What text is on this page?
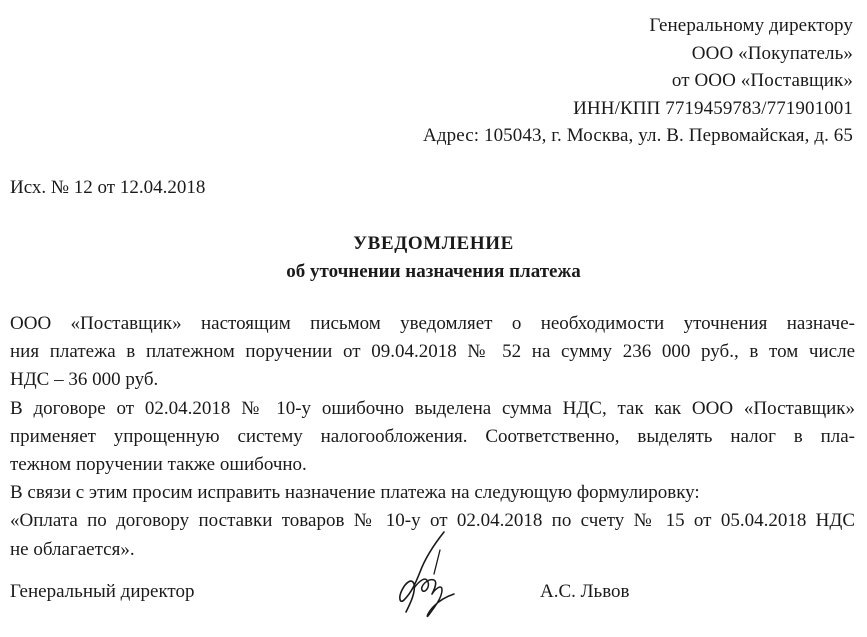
Генеральному директору
ООО «Покупатель»
от ООО «Поставщик»
ИНН/КПП 7719459783/771901001
Адрес: 105043, г. Москва, ул. В. Первомайская, д. 65
Исх. № 12 от 12.04.2018
УВЕДОМЛЕНИЕ
об уточнении назначения платежа
ООО «Поставщик» настоящим письмом уведомляет о необходимости уточнения назначе-
ния платежа в платежном поручении от 09.04.2018 № 52 на сумму 236 000 руб., в том числе
НДС – 36 000 руб.
В договоре от 02.04.2018 № 10-у ошибочно выделена сумма НДС, так как ООО «Поставщик»
применяет упрощенную систему налогообложения. Соответственно, выделять налог в пла-
тежном поручении также ошибочно.
В связи с этим просим исправить назначение платежа на следующую формулировку:
«Оплата по договору поставки товаров № 10-у от 02.04.2018 по счету № 15 от 05.04.2018 НДС
не облагается».
Генеральный директор	А.С. Львов
